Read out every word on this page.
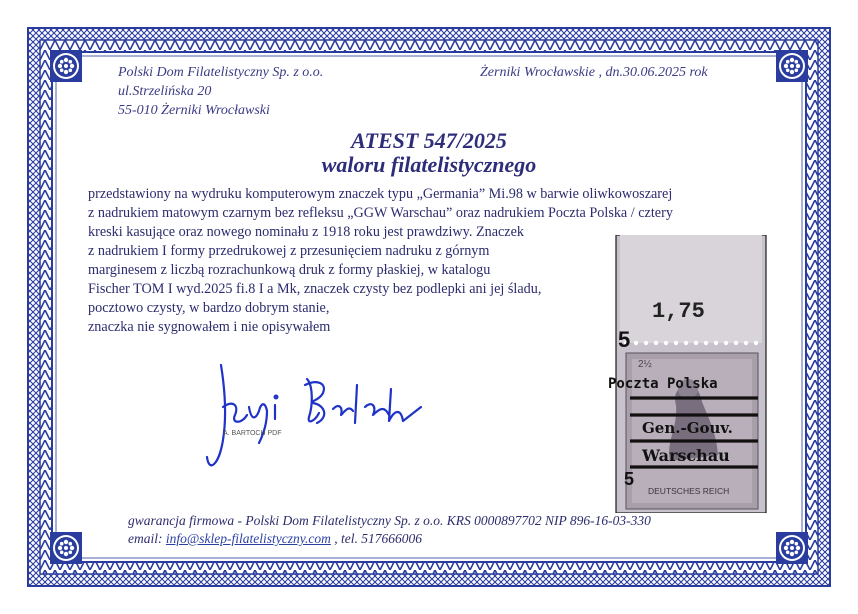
Polski Dom Filatelistyczny Sp. z o.o.
ul.Strzelińska 20
55-010 Żerniki Wrocławski
Żerniki Wrocławskie , dn.30.06.2025 rok
ATEST 547/2025
waloru filatelistycznego
przedstawiony na wydruku komputerowym znaczek typu „Germania” Mi.98 w barwie oliwkowoszarej
z nadrukiem matowym czarnym bez refleksu „GGW Warschau” oraz nadrukiem Poczta Polska / cztery
kreski kasujące oraz nowego nominału z 1918 roku jest prawdziwy. Znaczek
z nadrukiem I formy przedrukowej z przesunięciem nadruku z górnym
marginesem z liczbą rozrachunkową druk z formy płaskiej, w katalogu
Fischer TOM I wyd.2025 fi.8 I a Mk, znaczek czysty bez podlepki ani jej śladu,
pocztowo czysty, w bardzo dobrym stanie,
znaczka nie sygnowałem i nie opisywałem
A. BARTOCH PDF
1,75
5
2½
Poczta Polska
Gen.-Gouv.
Warschau
DEUTSCHES REICH
5
gwarancja firmowa - Polski Dom Filatelistyczny Sp. z o.o. KRS 0000897702 NIP 896-16-03-330
email: info@sklep-filatelistyczny.com , tel. 517666006
